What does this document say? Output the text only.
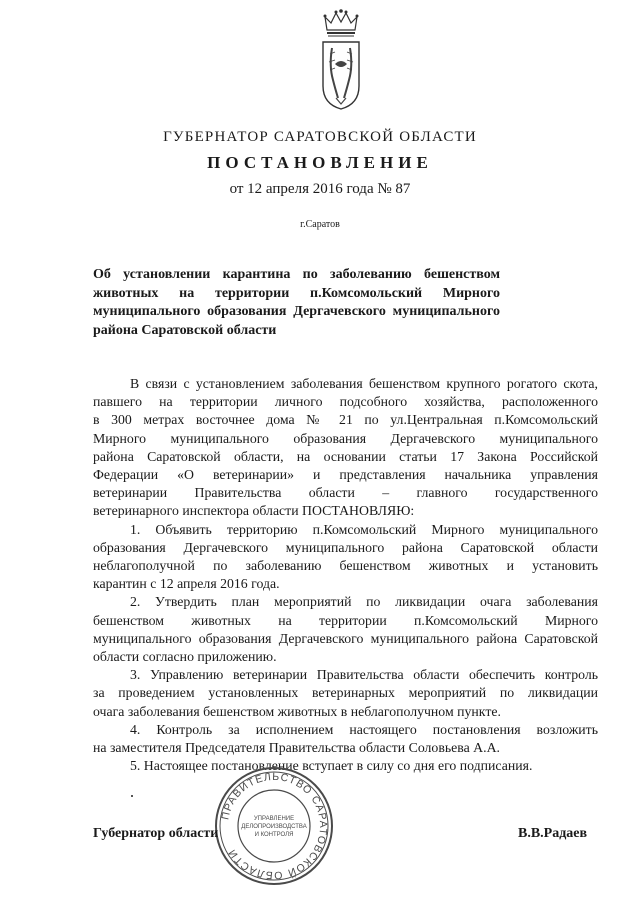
ГУБЕРНАТОР САРАТОВСКОЙ ОБЛАСТИ
ПОСТАНОВЛЕНИЕ
от 12 апреля 2016 года № 87
г.Саратов
Об установлении карантина по заболеванию бешенством
животных на территории п.Комсомольский Мирного
муниципального образования Дергачевского муниципального
района Саратовской области
В связи с установлением заболевания бешенством крупного рогатого скота,
павшего на территории личного подсобного хозяйства, расположенного
в 300 метрах восточнее дома № 21 по ул.Центральная п.Комсомольский
Мирного муниципального образования Дергачевского муниципального
района Саратовской области, на основании статьи 17 Закона Российской
Федерации «О ветеринарии» и представления начальника управления
ветеринарии Правительства области – главного государственного
ветеринарного инспектора области ПОСТАНОВЛЯЮ:
1. Объявить территорию п.Комсомольский Мирного муниципального
образования Дергачевского муниципального района Саратовской области
неблагополучной по заболеванию бешенством животных и установить
карантин с 12 апреля 2016 года.
2. Утвердить план мероприятий по ликвидации очага заболевания
бешенством животных на территории п.Комсомольский Мирного
муниципального образования Дергачевского муниципального района Саратовской
области согласно приложению.
3. Управлению ветеринарии Правительства области обеспечить контроль
за проведением установленных ветеринарных мероприятий по ликвидации
очага заболевания бешенством животных в неблагополучном пункте.
4. Контроль за исполнением настоящего постановления возложить
на заместителя Председателя Правительства области Соловьева А.А.
5. Настоящее постановление вступает в силу со дня его подписания.
ПРАВИТЕЛЬСТВО САРАТОВСКОЙ ОБЛАСТИ
УПРАВЛЕНИЕ
ДЕЛОПРОИЗВОДСТВА
И КОНТРОЛЯ
Губернатор области	В.В.Радаев
